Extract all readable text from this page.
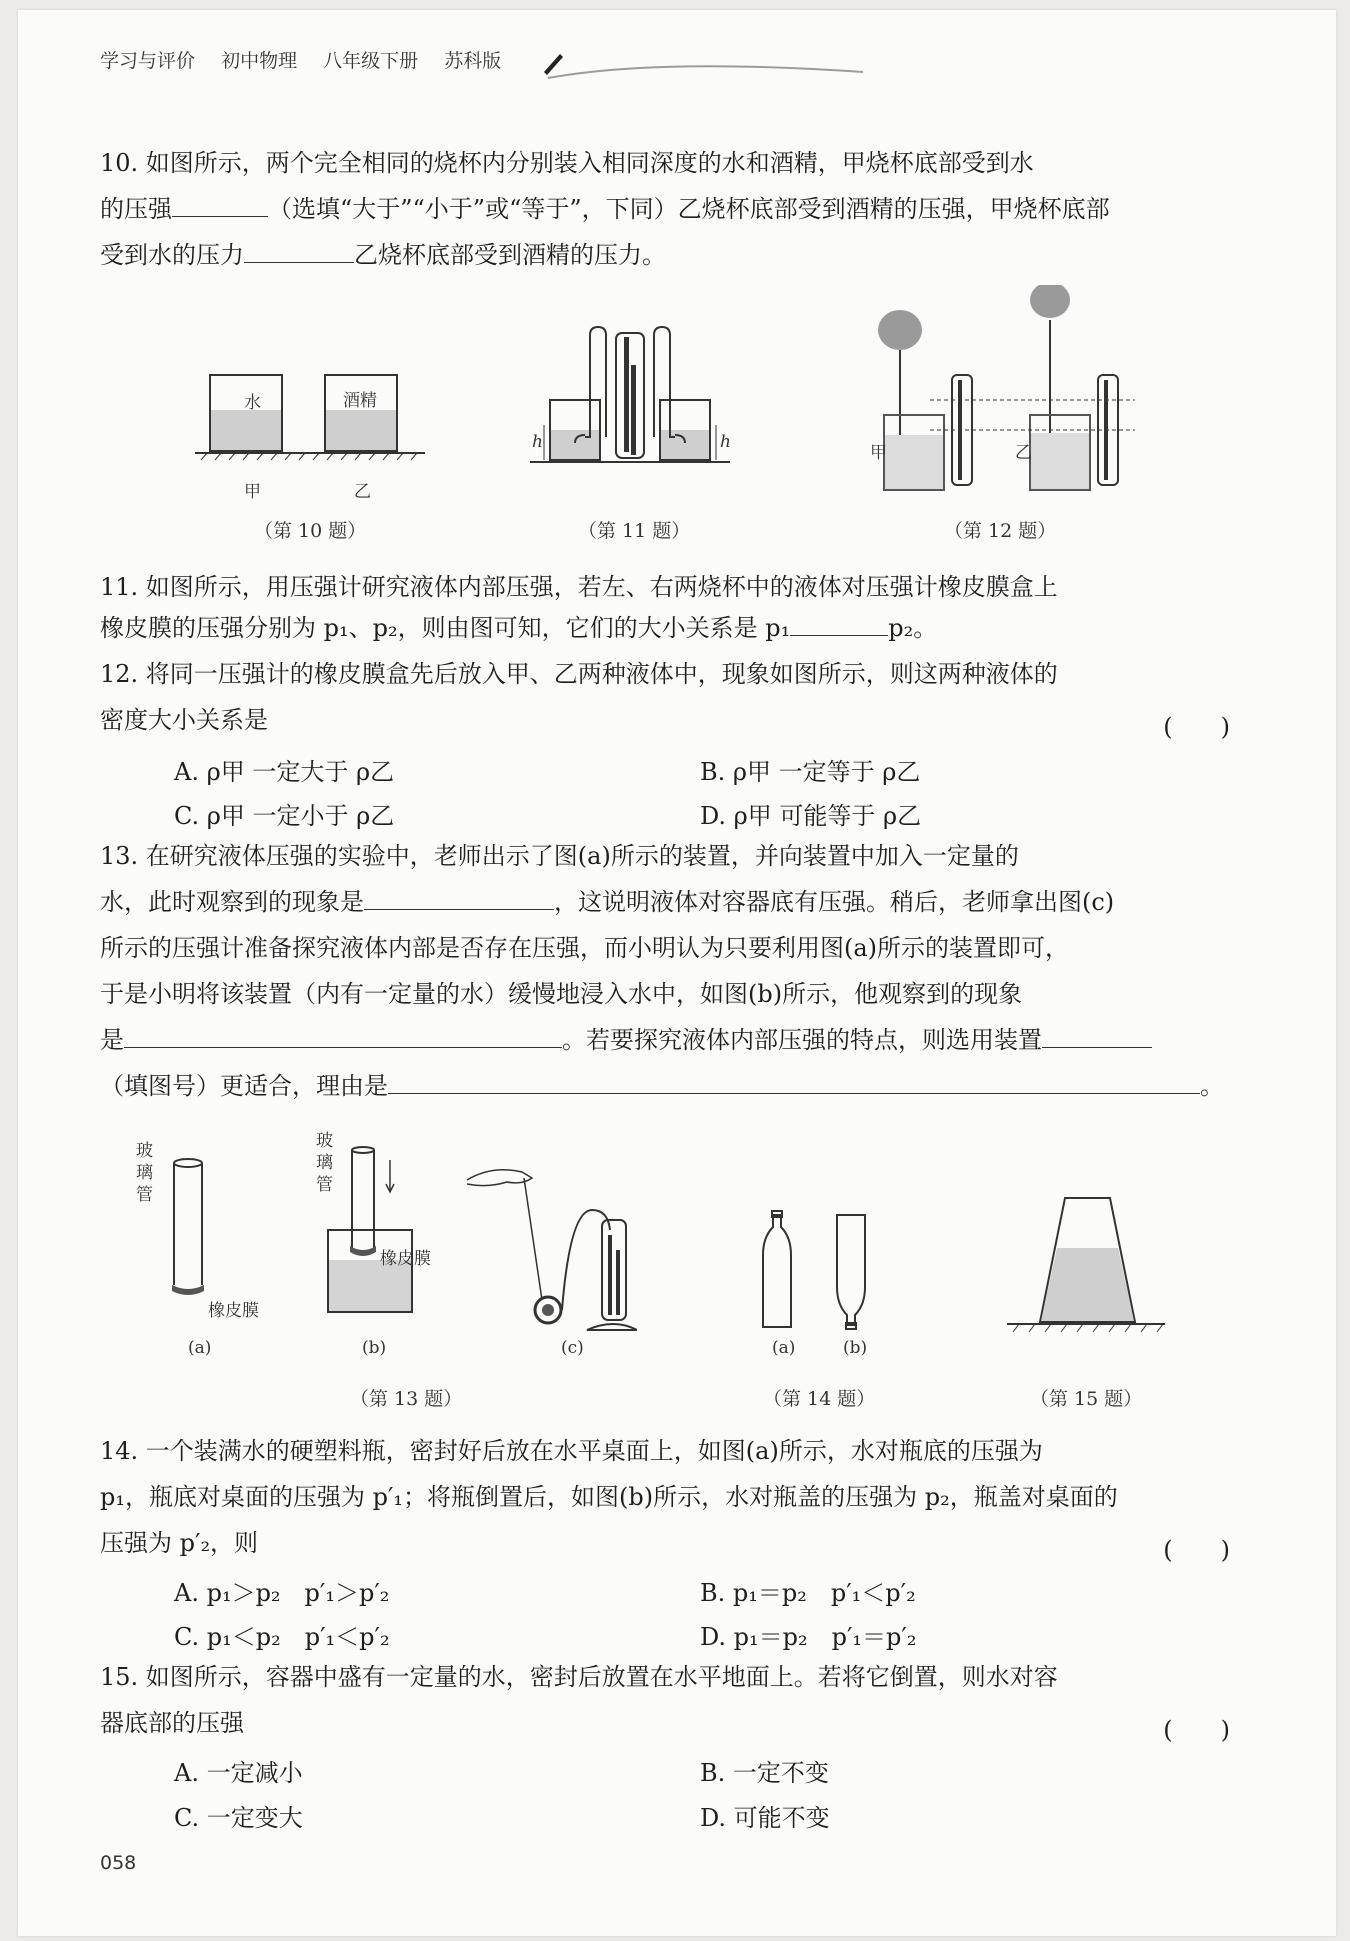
学习与评价 初中物理 八年级下册 苏科版
10. 如图所示，两个完全相同的烧杯内分别装入相同深度的水和酒精，甲烧杯底部受到水
的压强	（选填“大于”“小于”或“等于”，下同）乙烧杯底部受到酒精的压强，甲烧杯底部
受到水的压力	乙烧杯底部受到酒精的压力。
水	酒精
甲	乙
（第 10 题）
h	h
（第 11 题）
甲	乙
（第 12 题）
11. 如图所示，用压强计研究液体内部压强，若左、右两烧杯中的液体对压强计橡皮膜盒上
橡皮膜的压强分别为 p₁、p₂，则由图可知，它们的大小关系是 p₁	p₂。
12. 将同一压强计的橡皮膜盒先后放入甲、乙两种液体中，现象如图所示，则这两种液体的
密度大小关系是	(　　)
A. ρ甲 一定大于 ρ乙	B. ρ甲 一定等于 ρ乙
C. ρ甲 一定小于 ρ乙	D. ρ甲 可能等于 ρ乙
13. 在研究液体压强的实验中，老师出示了图(a)所示的装置，并向装置中加入一定量的
水，此时观察到的现象是	，这说明液体对容器底有压强。稍后，老师拿出图(c)
所示的压强计准备探究液体内部是否存在压强，而小明认为只要利用图(a)所示的装置即可，
于是小明将该装置（内有一定量的水）缓慢地浸入水中，如图(b)所示，他观察到的现象
是	。若要探究液体内部压强的特点，则选用装置
（填图号）更适合，理由是	。
玻璃管
橡皮膜
(a)
玻璃管
橡皮膜
(b)	(c)
（第 13 题）
(a)	(b)
（第 14 题）	（第 15 题）
14. 一个装满水的硬塑料瓶，密封好后放在水平桌面上，如图(a)所示，水对瓶底的压强为
p₁，瓶底对桌面的压强为 p′₁；将瓶倒置后，如图(b)所示，水对瓶盖的压强为 p₂，瓶盖对桌面的
压强为 p′₂，则	(　　)
A. p₁＞p₂　p′₁＞p′₂	B. p₁＝p₂　p′₁＜p′₂
C. p₁＜p₂　p′₁＜p′₂	D. p₁＝p₂　p′₁＝p′₂
15. 如图所示，容器中盛有一定量的水，密封后放置在水平地面上。若将它倒置，则水对容
器底部的压强	(　　)
A. 一定减小	B. 一定不变
C. 一定变大	D. 可能不变
058
